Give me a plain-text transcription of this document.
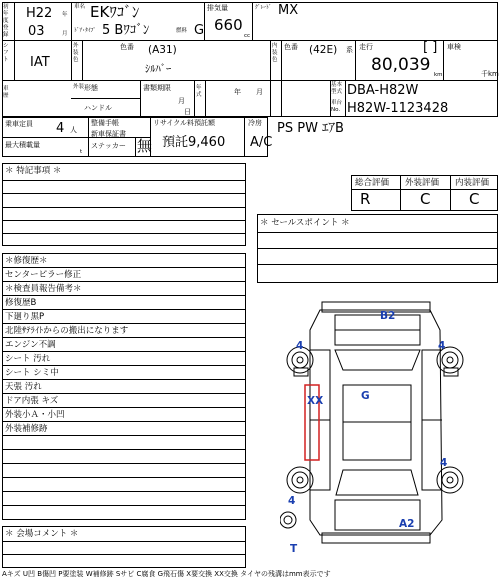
初年度登録
H22 年
03	月
車名 EKﾜｺﾞﾝ
ﾄﾞｱ･ﾀｲﾌﾟ 5 Bﾜｺﾞﾝ	燃料 G
排気量
660
cc
ｸﾞﾚｰﾄﾞ MX
シフト	IAT
外装色
色番 (A31)
ｼﾙﾊﾞｰ
内装色
色番 (42E) 系 走行	[ ]
80,039 km
車検
千km
車歴
外装 形態
ハンドル
書類期限
月
日
年式	年 月
基本型式 DBA-H82W
車台No. H82W-1123428
乗車定員 4 人
最大積載量
t
整備手帳
新車保証書
ステッカー 無
リサイクル料預託額
預託9,460
冷房
A/C
PS PW ｴｱB
総合評価 外装評価 内装評価
R	C	C
＊ 特記事項 ＊
＊ セールスポイント ＊
＊修復歴＊
センターピラー修正
＊検査員報告備考＊
修復歴B
下廻り黒P
北陸ｻﾃﾗｲﾄからの搬出になります
エンジン不調
シート 汚れ
シート シミ中
天張 汚れ
ドア内張 キズ
外装小Ａ・小凹
外装補修跡
＊ 会場コメント ＊
Aキズ U凹 B傷凹 P要塗装 W補修跡 Sサビ C腐食 G飛石傷 X要交換 XX交換 タイヤの残溝はmm表示です
B2
G
XX
A2
T
4	4
4
4
